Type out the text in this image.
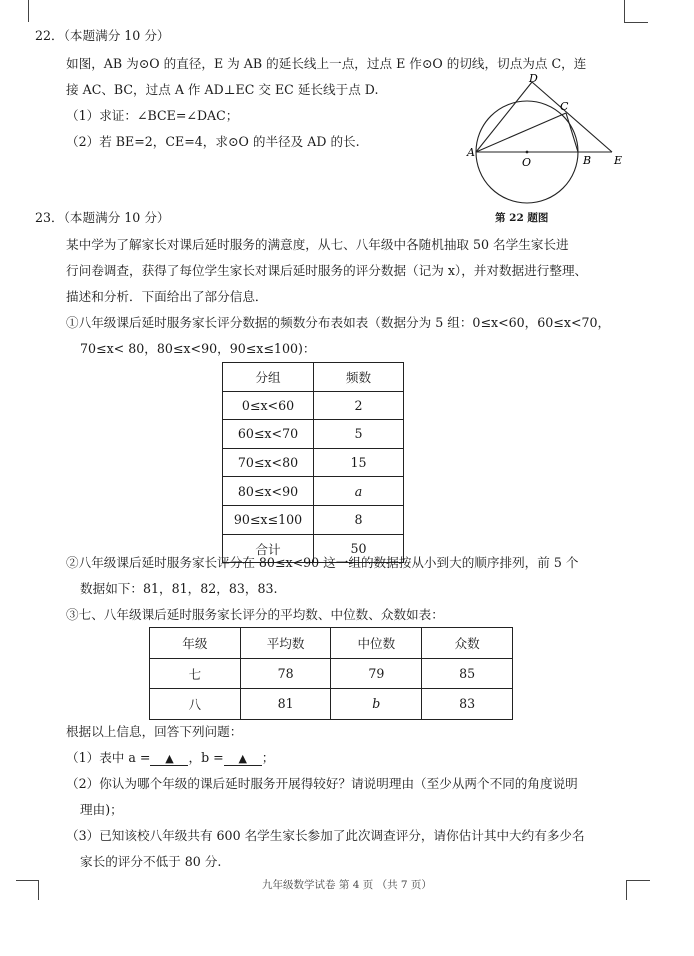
22．（本题满分 10 分）
如图，AB 为⊙O 的直径，E 为 AB 的延长线上一点，过点 E 作⊙O 的切线，切点为点 C，连
接 AC、BC，过点 A 作 AD⊥EC 交 EC 延长线于点 D.
（1）求证：∠BCE=∠DAC；
（2）若 BE=2，CE=4，求⊙O 的半径及 AD 的长.
D
C
A
O	B E
第 22 题图
23．（本题满分 10 分）
某中学为了解家长对课后延时服务的满意度，从七、八年级中各随机抽取 50 名学生家长进
行问卷调查，获得了每位学生家长对课后延时服务的评分数据（记为 x），并对数据进行整理、
描述和分析．下面给出了部分信息．
①八年级课后延时服务家长评分数据的频数分布表如表（数据分为 5 组：0≤x<60，60≤x<70，
70≤x< 80，80≤x<90，90≤x≤100)：
分组	频数
0≤x<60	2
60≤x<70	5
70≤x<80	15
80≤x<90	a
90≤x≤100	8
合计	50
②八年级课后延时服务家长评分在 80≤x<90 这一组的数据按从小到大的顺序排列，前 5 个
数据如下：81，81，82，83，83.
③七、八年级课后延时服务家长评分的平均数、中位数、众数如表：
年级	平均数	中位数	众数
七	78	79	85
八	81	b	83
根据以上信息，回答下列问题：
（1）表中 a = ▲ ，b = ▲ ；
（2）你认为哪个年级的课后延时服务开展得较好？请说明理由（至少从两个不同的角度说明
理由)；
（3）已知该校八年级共有 600 名学生家长参加了此次调查评分，请你估计其中大约有多少名
家长的评分不低于 80 分.
九年级数学试卷 第 4 页 （共 7 页）
